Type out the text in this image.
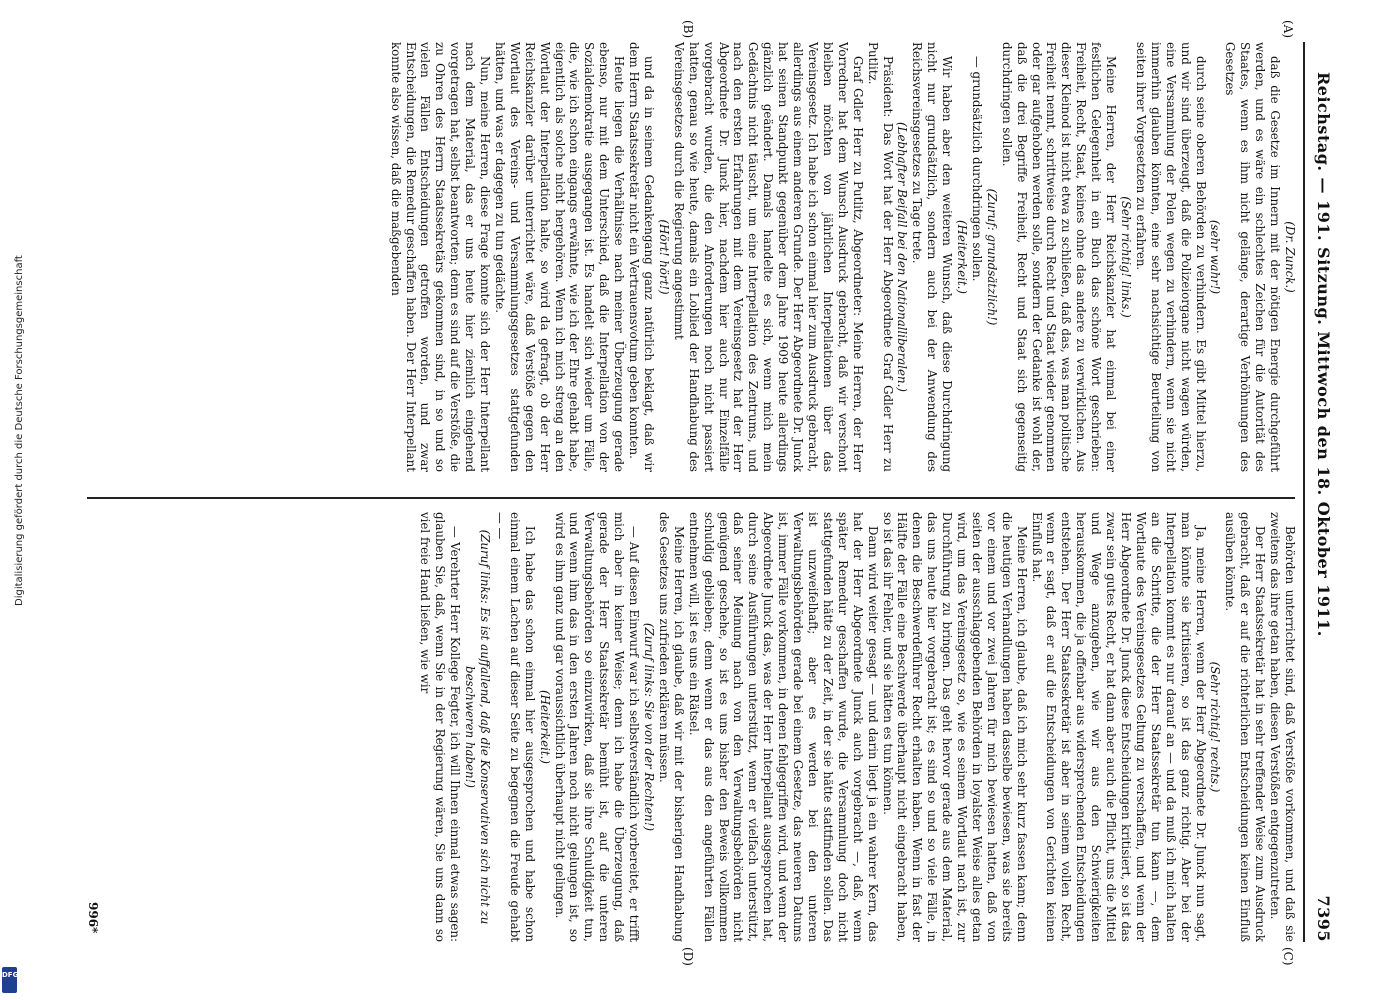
Digitalisierung gefördert durch die Deutsche Forschungsgemeinschaft
DFG
Reichstag. — 191. Sitzung. Mittwoch den 18. Oktober 1911.
7395
(A)
(B)
(C)
(D)

(Dr. Zunck.)

daß die Gesetze im Innern mit der nötigen Energie durchgeführt werden, und es wäre ein schlechtes Zeichen für die Autorität des Staates, wenn es ihm nicht gelänge, derartige Verhöhnungen des Gesetzes

(sehr wahr!)

durch seine oberen Behörden zu verhindern. Es gibt Mittel hierzu, und wir sind überzeugt, daß die Polizeiorgane nicht wagen würden, eine Versammlung der Polen wegen zu verhindern, wenn sie nicht immerhin glauben könnten, eine sehr nachsichtige Beurteilung von seiten ihrer Vorgesetzten zu erfahren.

(Sehr richtig! links.)

Meine Herren, der Herr Reichskanzler hat einmal bei einer festlichen Gelegenheit in ein Buch das schöne Wort geschrieben: Freiheit, Recht, Staat, keines ohne das andere zu verwirklichen. Aus dieser Kleinod ist nicht etwa zu schließen, daß das, was man politische Freiheit nennt, schrittweise durch Recht und Staat wieder genommen oder gar aufgehoben werden solle, sondern der Gedanke ist wohl der, daß die drei Begriffe Freiheit, Recht und Staat sich gegenseitig durchdringen sollen.

(Zuruf: grundsätzlich!)

— grundsätzlich durchdringen sollen.

(Heiterkeit.)

Wir haben aber den weiteren Wunsch, daß diese Durchdringung nicht nur grundsätzlich, sondern auch bei der Anwendung des Reichsvereinsgesetzes zu Tage trete.

(Lebhafter Beifall bei den Nationalliberalen.)

Präsident: Das Wort hat der Herr Abgeordnete Graf Gdler Herr zu Putlitz.

Graf Gdler Herr zu Putlitz, Abgeordneter: Meine Herren, der Herr Vorredner hat dem Wunsch Ausdruck gebracht, daß wir verschont bleiben möchten von jährlichen Interpellationen über das Vereinsgesetz. Ich habe ich schon einmal hier zum Ausdruck gebracht, allerdings aus einem anderen Grunde. Der Herr Abgeordnete Dr. Junck hat seinen Standpunkt gegenüber dem Jahre 1909 heute allerdings gänzlich geändert. Damals handelte es sich, wenn mich mein Gedächtnis nicht täuscht, um eine Interpellation des Zentrums, und nach den ersten Erfahrungen mit dem Vereinsgesetz hat der Herr Abgeordnete Dr. Junck hier, nachdem hier auch nur Einzelfälle vorgebracht wurden, die den Anforderungen noch nicht passiert hatten, genau so wie heute, damals ein Loblied der Handhabung des Vereinsgesetzes durch die Regierung angestimmt

(Hört! hört!)

und da in seinem Gedankengang ganz natürlich beklagt, daß wir dem Herrn Staatssekretär nicht ein Vertrauensvotum geben konnten.

Heute liegen die Verhältnisse nach meiner Überzeugung gerade ebenso, nur mit dem Unterschied, daß die Interpellation von der Sozialdemokratie ausgegangen ist. Es handelt sich wieder um Fälle, die, wie ich schon eingangs erwähnte, wie ich der Ehre gehabt habe, eigentlich als solche nicht hergehören. Wenn ich mich streng an den Wortlaut der Interpellation halte, so wird da gefragt, ob der Herr Reichskanzler darüber unterrichtet wäre, daß Verstöße gegen den Wortlaut des Vereins- und Versammlungsgesetzes stattgefunden hätten, und was er dagegen zu tun gedächte.

Nun, meine Herren, diese Frage konnte sich der Herr Interpellant nach dem Material, das er uns heute hier ziemlich eingehend vorgetragen hat, selbst beantworten; denn es sind auf die Verstöße, die zu Ohren des Herrn Staatssekretärs gekommen sind, in so und so vielen Fällen Entscheidungen getroffen worden, und zwar Entscheidungen, die Remedur geschaffen haben. Der Herr Interpellant konnte also wissen, daß die maßgebenden

Behörden unterrichtet sind, daß Verstöße vorkommen, und daß sie zweitens das ihre getan haben, diesen Verstößen entgegenzutreten.

Der Herr Staatssekretär hat in sehr treffender Weise zum Ausdruck gebracht, daß er auf die richterlichen Entscheidungen keinen Einfluß ausüben könnte.

(Sehr richtig! rechts.)

Ja, meine Herren, wenn der Herr Abgeordnete Dr. Junck nun sagt, man könnte sie kritisieren, so ist das ganz richtig. Aber bei der Interpellation kommt es nur darauf an — und da muß ich mich halten an die Schritte, die der Herr Staatssekretär tun kann —, dem Wortlaute des Vereinsgesetzes Geltung zu verschaffen, und wenn der Herr Abgeordnete Dr. Junck diese Entscheidungen kritisiert, so ist das zwar sein gutes Recht, er hat dann aber auch die Pflicht, uns die Mittel und Wege anzugeben, wie wir aus den Schwierigkeiten herauskommen, die ja offenbar aus widersprechenden Entscheidungen entstehen. Der Herr Staatssekretär ist aber in seinem vollen Recht, wenn er sagt, daß er auf die Entscheidungen von Gerichten keinen Einfluß hat.

Meine Herren, ich glaube, daß ich mich sehr kurz fassen kann; denn die heutigen Verhandlungen haben dasselbe bewiesen, was sie bereits vor einem und vor zwei Jahren für mich bewiesen hatten, daß von seiten der ausschlaggebenden Behörden in loyalster Weise alles getan wird, um das Vereinsgesetz so, wie es seinem Wortlaut nach ist, zur Durchführung zu bringen. Das geht hervor gerade aus dem Material, das uns heute hier vorgebracht ist; es sind so und so viele Fälle, in denen die Beschwerdeführer Recht erhalten haben. Wenn in fast der Hälfte der Fälle eine Beschwerde überhaupt nicht eingebracht haben, so ist das ihr Fehler, und sie hätten es tun können.

Dann wird weiter gesagt — und darin liegt ja ein wahrer Kern, das hat der Herr Abgeordnete Junck auch vorgebracht —, daß, wenn später Remedur geschaffen wurde, die Versammlung doch nicht stattgefunden hätte zu der Zeit, in der sie hätte stattfinden sollen. Das ist unzweifelhaft; aber es werden bei den unteren Verwaltungsbehörden gerade bei einem Gesetze, das neueren Datums ist, immer Fälle vorkommen, in denen fehlgegriffen wird, und wenn der Abgeordnete Junck das, was der Herr Interpellant ausgesprochen hat, durch seine Ausführungen unterstützt, wenn er vielfach unterstützt, daß seiner Meinung nach von den Verwaltungsbehörden nicht genügend geschehe, so ist es uns bisher den Beweis vollkommen schuldig geblieben; denn wenn er das aus den angeführten Fällen entnehmen will, ist es uns ein Rätsel.

Meine Herren, ich glaube, daß wir mit der bisherigen Handhabung des Gesetzes uns zufrieden erklären müssen.

(Zuruf links: Sie von der Rechten!)

— Auf diesen Einwurf war ich selbstverständlich vorbereitet, er trifft mich aber in keiner Weise; denn ich habe die Überzeugung, daß gerade der Herr Staatssekretär bemüht ist, auf die unteren Verwaltungsbehörden so einzuwirken, daß sie ihre Schuldigkeit tun, und wenn ihm das in den ersten Jahren noch nicht gelungen ist, so wird es ihm ganz und gar voraussichtlich überhaupt nicht gelingen.

(Heiterkeit.)

Ich habe das schon einmal hier ausgesprochen und habe schon einmal einem Lachen auf dieser Seite zu begegnen die Freude gehabt — —

(Zuruf links: Es ist auffallend, daß die Konservativen sich nicht zu beschweren haben!)

— Verehrter Herr Kollege Fegter, ich will Ihnen einmal etwas sagen: glauben Sie, daß, wenn Sie in der Regierung wären, Sie uns dann so viel freie Hand ließen, wie wir

996*
